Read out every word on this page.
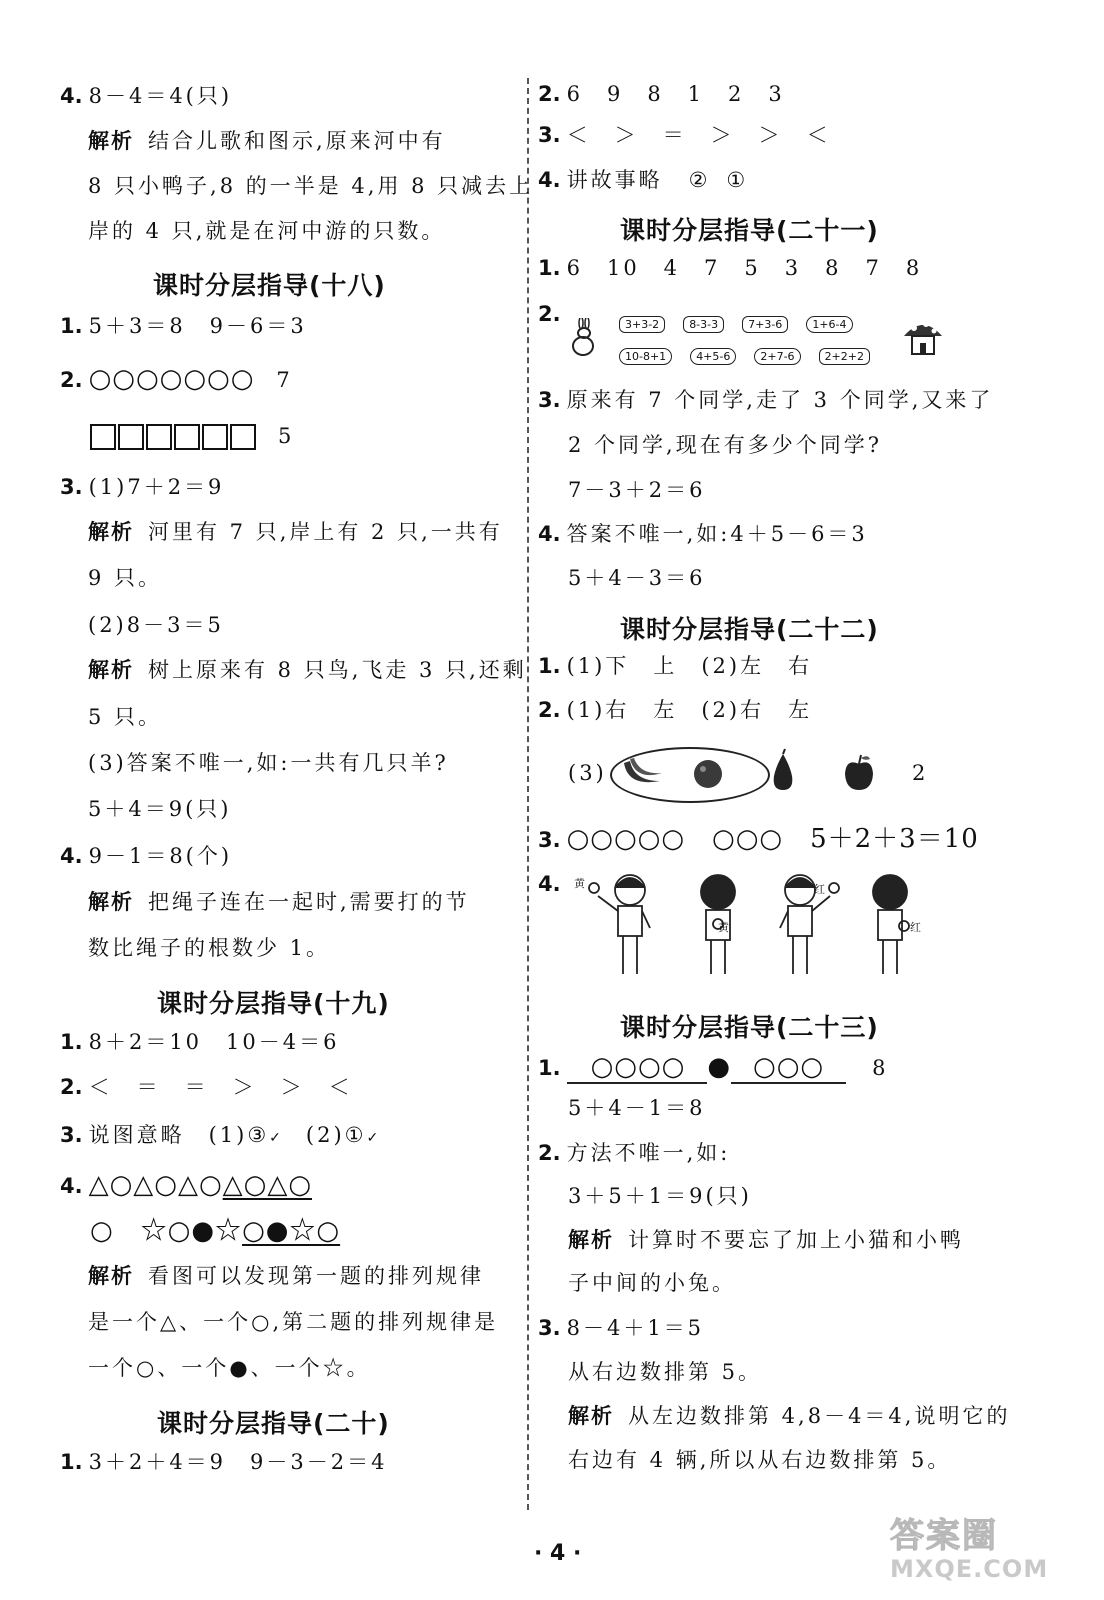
4. 8－4＝4(只)
解析 结合儿歌和图示,原来河中有
8 只小鸭子,8 的一半是 4,用 8 只减去上
岸的 4 只,就是在河中游的只数。
课时分层指导(十八)
1. 5＋3＝8　9－6＝3
2. ○○○○○○○ 7
5
3. (1)7＋2＝9
解析 河里有 7 只,岸上有 2 只,一共有
9 只。
(2)8－3＝5
解析 树上原来有 8 只鸟,飞走 3 只,还剩
5 只。
(3)答案不唯一,如:一共有几只羊?
5＋4＝9(只)
4. 9－1＝8(个)
解析 把绳子连在一起时,需要打的节
数比绳子的根数少 1。
课时分层指导(十九)
1. 8＋2＝10　10－4＝6
2. ＜　＝　＝　＞　＞　＜
3. 说图意略 (1)③✓ (2)①✓
4. △○△○△○△○△○
○　☆○●☆○●☆○
解析 看图可以发现第一题的排列规律
是一个△、一个○,第二题的排列规律是
一个○、一个●、一个☆。
课时分层指导(二十)
1. 3＋2＋4＝9　9－3－2＝4
2. 6　9　8　1　2　3
3. ＜　＞　＝　＞　＞　＜
4. 讲故事略 ② ①
课时分层指导(二十一)
1. 6　10　4　7　5　3　8　7　8
2.	3+3-2	8-3-3	7+3-6	1+6-4
10-8+1	4+5-6	2+7-6	2+2+2
3. 原来有 7 个同学,走了 3 个同学,又来了
2 个同学,现在有多少个同学?
7－3＋2＝6
4. 答案不唯一,如:4＋5－6＝3
5＋4－3＝6
课时分层指导(二十二)
1. (1)下　上　(2)左　右
2. (1)右　左　(2)右　左
(3)	2
3. ○○○○○　○○○　5＋2＋3＝10
4.	黄
黄
红
红
课时分层指导(二十三)
1. ○○○○ ● ○○○ 8
5＋4－1＝8
2. 方法不唯一,如:
3＋5＋1＝9(只)
解析 计算时不要忘了加上小猫和小鸭
子中间的小兔。
3. 8－4＋1＝5
从右边数排第 5。
解析 从左边数排第 4,8－4＝4,说明它的
右边有 4 辆,所以从右边数排第 5。
· 4 ·	答案圈
MXQE.COM
